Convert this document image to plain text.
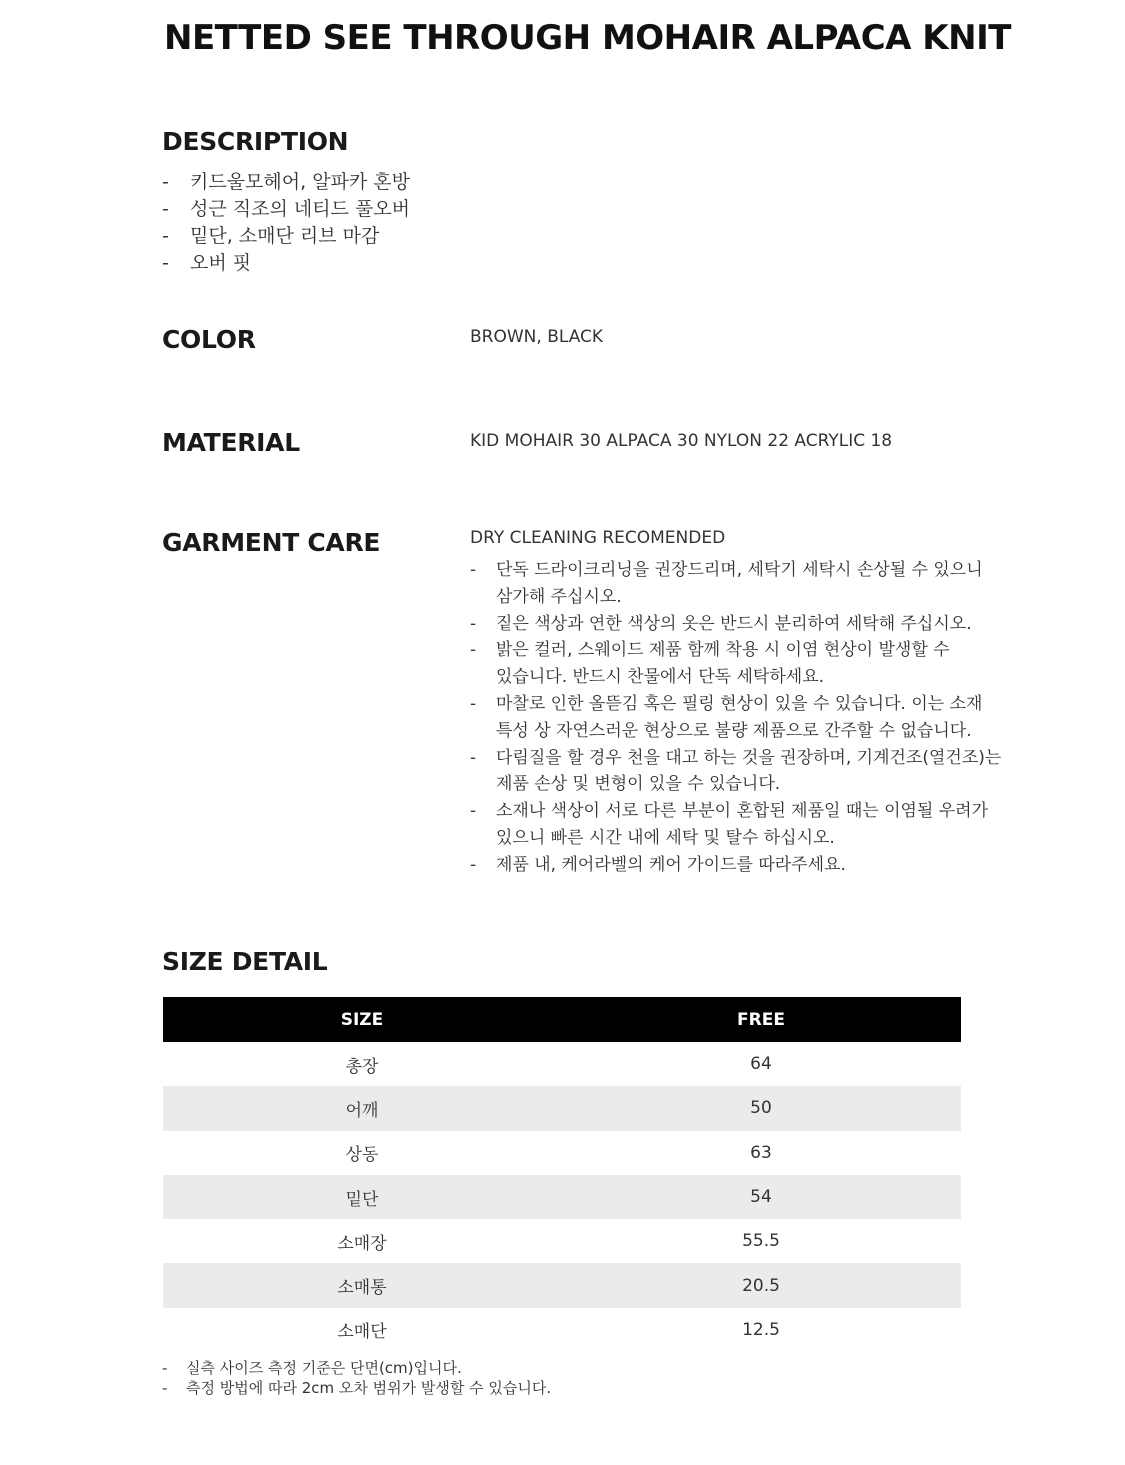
NETTED SEE THROUGH MOHAIR ALPACA KNIT
DESCRIPTION
- 키드울모헤어, 알파카 혼방
- 성근 직조의 네티드 풀오버
- 밑단, 소매단 리브 마감
- 오버 핏
COLOR	BROWN, BLACK
MATERIAL	KID MOHAIR 30 ALPACA 30 NYLON 22 ACRYLIC 18
GARMENT CARE	DRY CLEANING RECOMENDED
- 단독 드라이크리닝을 권장드리며, 세탁기 세탁시 손상될 수 있으니
삼가해 주십시오.
- 짙은 색상과 연한 색상의 옷은 반드시 분리하여 세탁해 주십시오.
- 밝은 컬러, 스웨이드 제품 함께 착용 시 이염 현상이 발생할 수
있습니다. 반드시 찬물에서 단독 세탁하세요.
- 마찰로 인한 올뜯김 혹은 필링 현상이 있을 수 있습니다. 이는 소재
특성 상 자연스러운 현상으로 불량 제품으로 간주할 수 없습니다.
- 다림질을 할 경우 천을 대고 하는 것을 권장하며, 기계건조(열건조)는
제품 손상 및 변형이 있을 수 있습니다.
- 소재나 색상이 서로 다른 부분이 혼합된 제품일 때는 이염될 우려가
있으니 빠른 시간 내에 세탁 및 탈수 하십시오.
- 제품 내, 케어라벨의 케어 가이드를 따라주세요.
SIZE DETAIL
SIZE	FREE
총장	64
어깨	50
상동	63
밑단	54
소매장	55.5
소매통	20.5
소매단	12.5
- 실측 사이즈 측정 기준은 단면(cm)입니다.
- 측정 방법에 따라 2cm 오차 범위가 발생할 수 있습니다.
